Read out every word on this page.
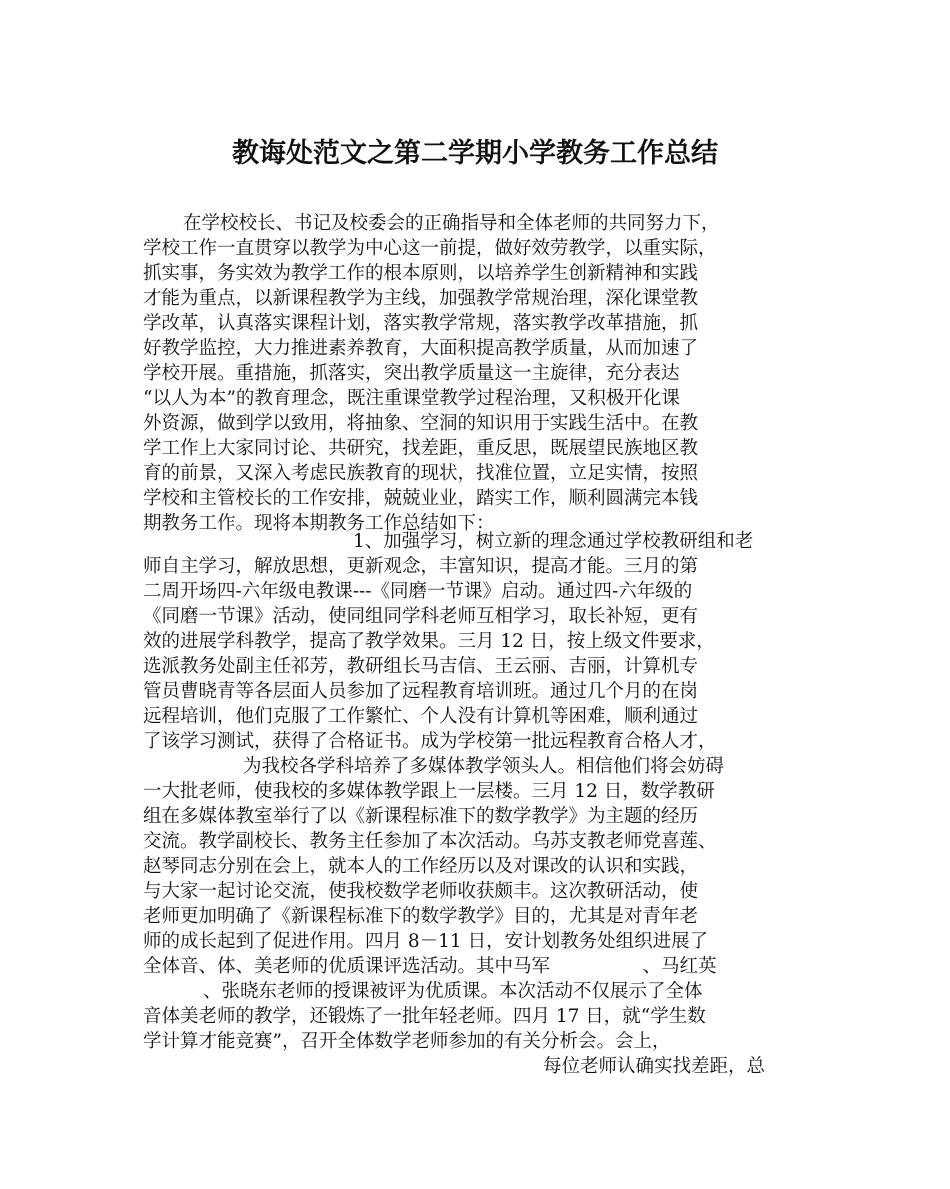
教诲处范文之第二学期小学教务工作总结
在学校校长、书记及校委会的正确指导和全体老师的共同努力下，
学校工作一直贯穿以教学为中心这一前提，做好效劳教学，以重实际，
抓实事，务实效为教学工作的根本原则，以培养学生创新精神和实践
才能为重点，以新课程教学为主线，加强教学常规治理，深化课堂教
学改革，认真落实课程计划，落实教学常规，落实教学改革措施，抓
好教学监控，大力推进素养教育，大面积提高教学质量，从而加速了
学校开展。重措施，抓落实，突出教学质量这一主旋律，充分表达
“以人为本”的教育理念，既注重课堂教学过程治理，又积极开化课
外资源，做到学以致用，将抽象、空洞的知识用于实践生活中。在教
学工作上大家同讨论、共研究，找差距，重反思，既展望民族地区教
育的前景，又深入考虑民族教育的现状，找准位置，立足实情，按照
学校和主管校长的工作安排，兢兢业业，踏实工作，顺利圆满完本钱
期教务工作。现将本期教务工作总结如下：
1、加强学习，树立新的理念通过学校教研组和老
师自主学习，解放思想，更新观念，丰富知识，提高才能。三月的第
二周开场四-六年级电教课---《同磨一节课》启动。通过四-六年级的
《同磨一节课》活动，使同组同学科老师互相学习，取长补短，更有
效的进展学科教学，提高了教学效果。三月 12 日，按上级文件要求，
选派教务处副主任祁芳，教研组长马吉信、王云丽、吉丽，计算机专
管员曹晓青等各层面人员参加了远程教育培训班。通过几个月的在岗
远程培训，他们克服了工作繁忙、个人没有计算机等困难，顺利通过
了该学习测试，获得了合格证书。成为学校第一批远程教育合格人才，
为我校各学科培养了多媒体教学领头人。相信他们将会妨碍
一大批老师，使我校的多媒体教学跟上一层楼。三月 12 日，数学教研
组在多媒体教室举行了以《新课程标准下的数学教学》为主题的经历
交流。教学副校长、教务主任参加了本次活动。乌苏支教老师党喜莲、
赵琴同志分别在会上，就本人的工作经历以及对课改的认识和实践，
与大家一起讨论交流，使我校数学老师收获颇丰。这次教研活动，使
老师更加明确了《新课程标准下的数学教学》目的，尤其是对青年老
师的成长起到了促进作用。四月 8－11 日，安计划教务处组织进展了
全体音、体、美老师的优质课评选活动。其中马军　　　　　、马红英
、张晓东老师的授课被评为优质课。本次活动不仅展示了全体
音体美老师的教学，还锻炼了一批年轻老师。四月 17 日，就“学生数
学计算才能竞赛”，召开全体数学老师参加的有关分析会。会上，
每位老师认确实找差距，总
